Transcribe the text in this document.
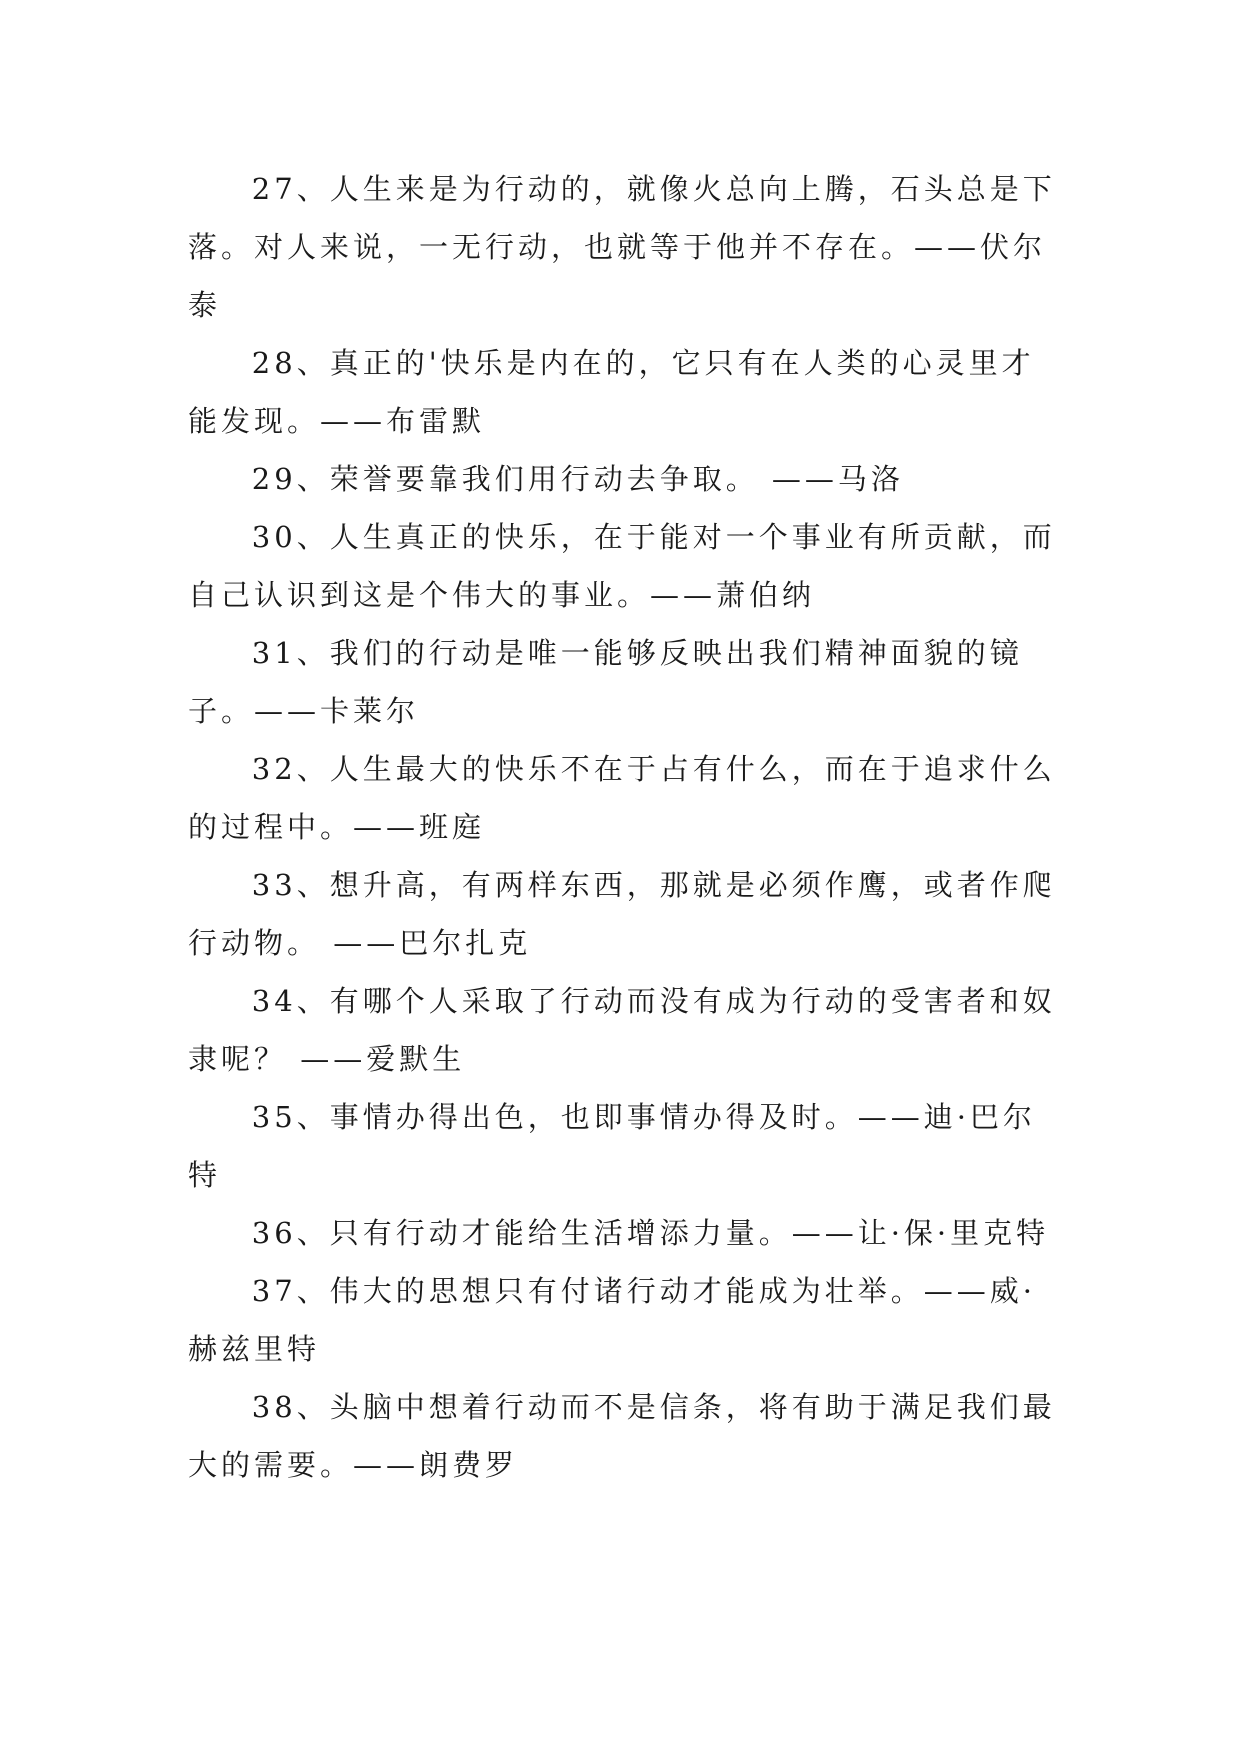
27、人生来是为行动的，就像火总向上腾，石头总是下落。对人来说，一无行动，也就等于他并不存在。——伏尔泰

28、真正的'快乐是内在的，它只有在人类的心灵里才能发现。——布雷默

29、荣誉要靠我们用行动去争取。 ——马洛

30、人生真正的快乐，在于能对一个事业有所贡献，而自己认识到这是个伟大的事业。——萧伯纳

31、我们的行动是唯一能够反映出我们精神面貌的镜子。——卡莱尔

32、人生最大的快乐不在于占有什么，而在于追求什么的过程中。——班庭

33、想升高，有两样东西，那就是必须作鹰，或者作爬行动物。 ——巴尔扎克

34、有哪个人采取了行动而没有成为行动的受害者和奴隶呢？ ——爱默生

35、事情办得出色，也即事情办得及时。——迪·巴尔特

36、只有行动才能给生活增添力量。——让·保·里克特

37、伟大的思想只有付诸行动才能成为壮举。——威·赫兹里特

38、头脑中想着行动而不是信条，将有助于满足我们最大的需要。——朗费罗
